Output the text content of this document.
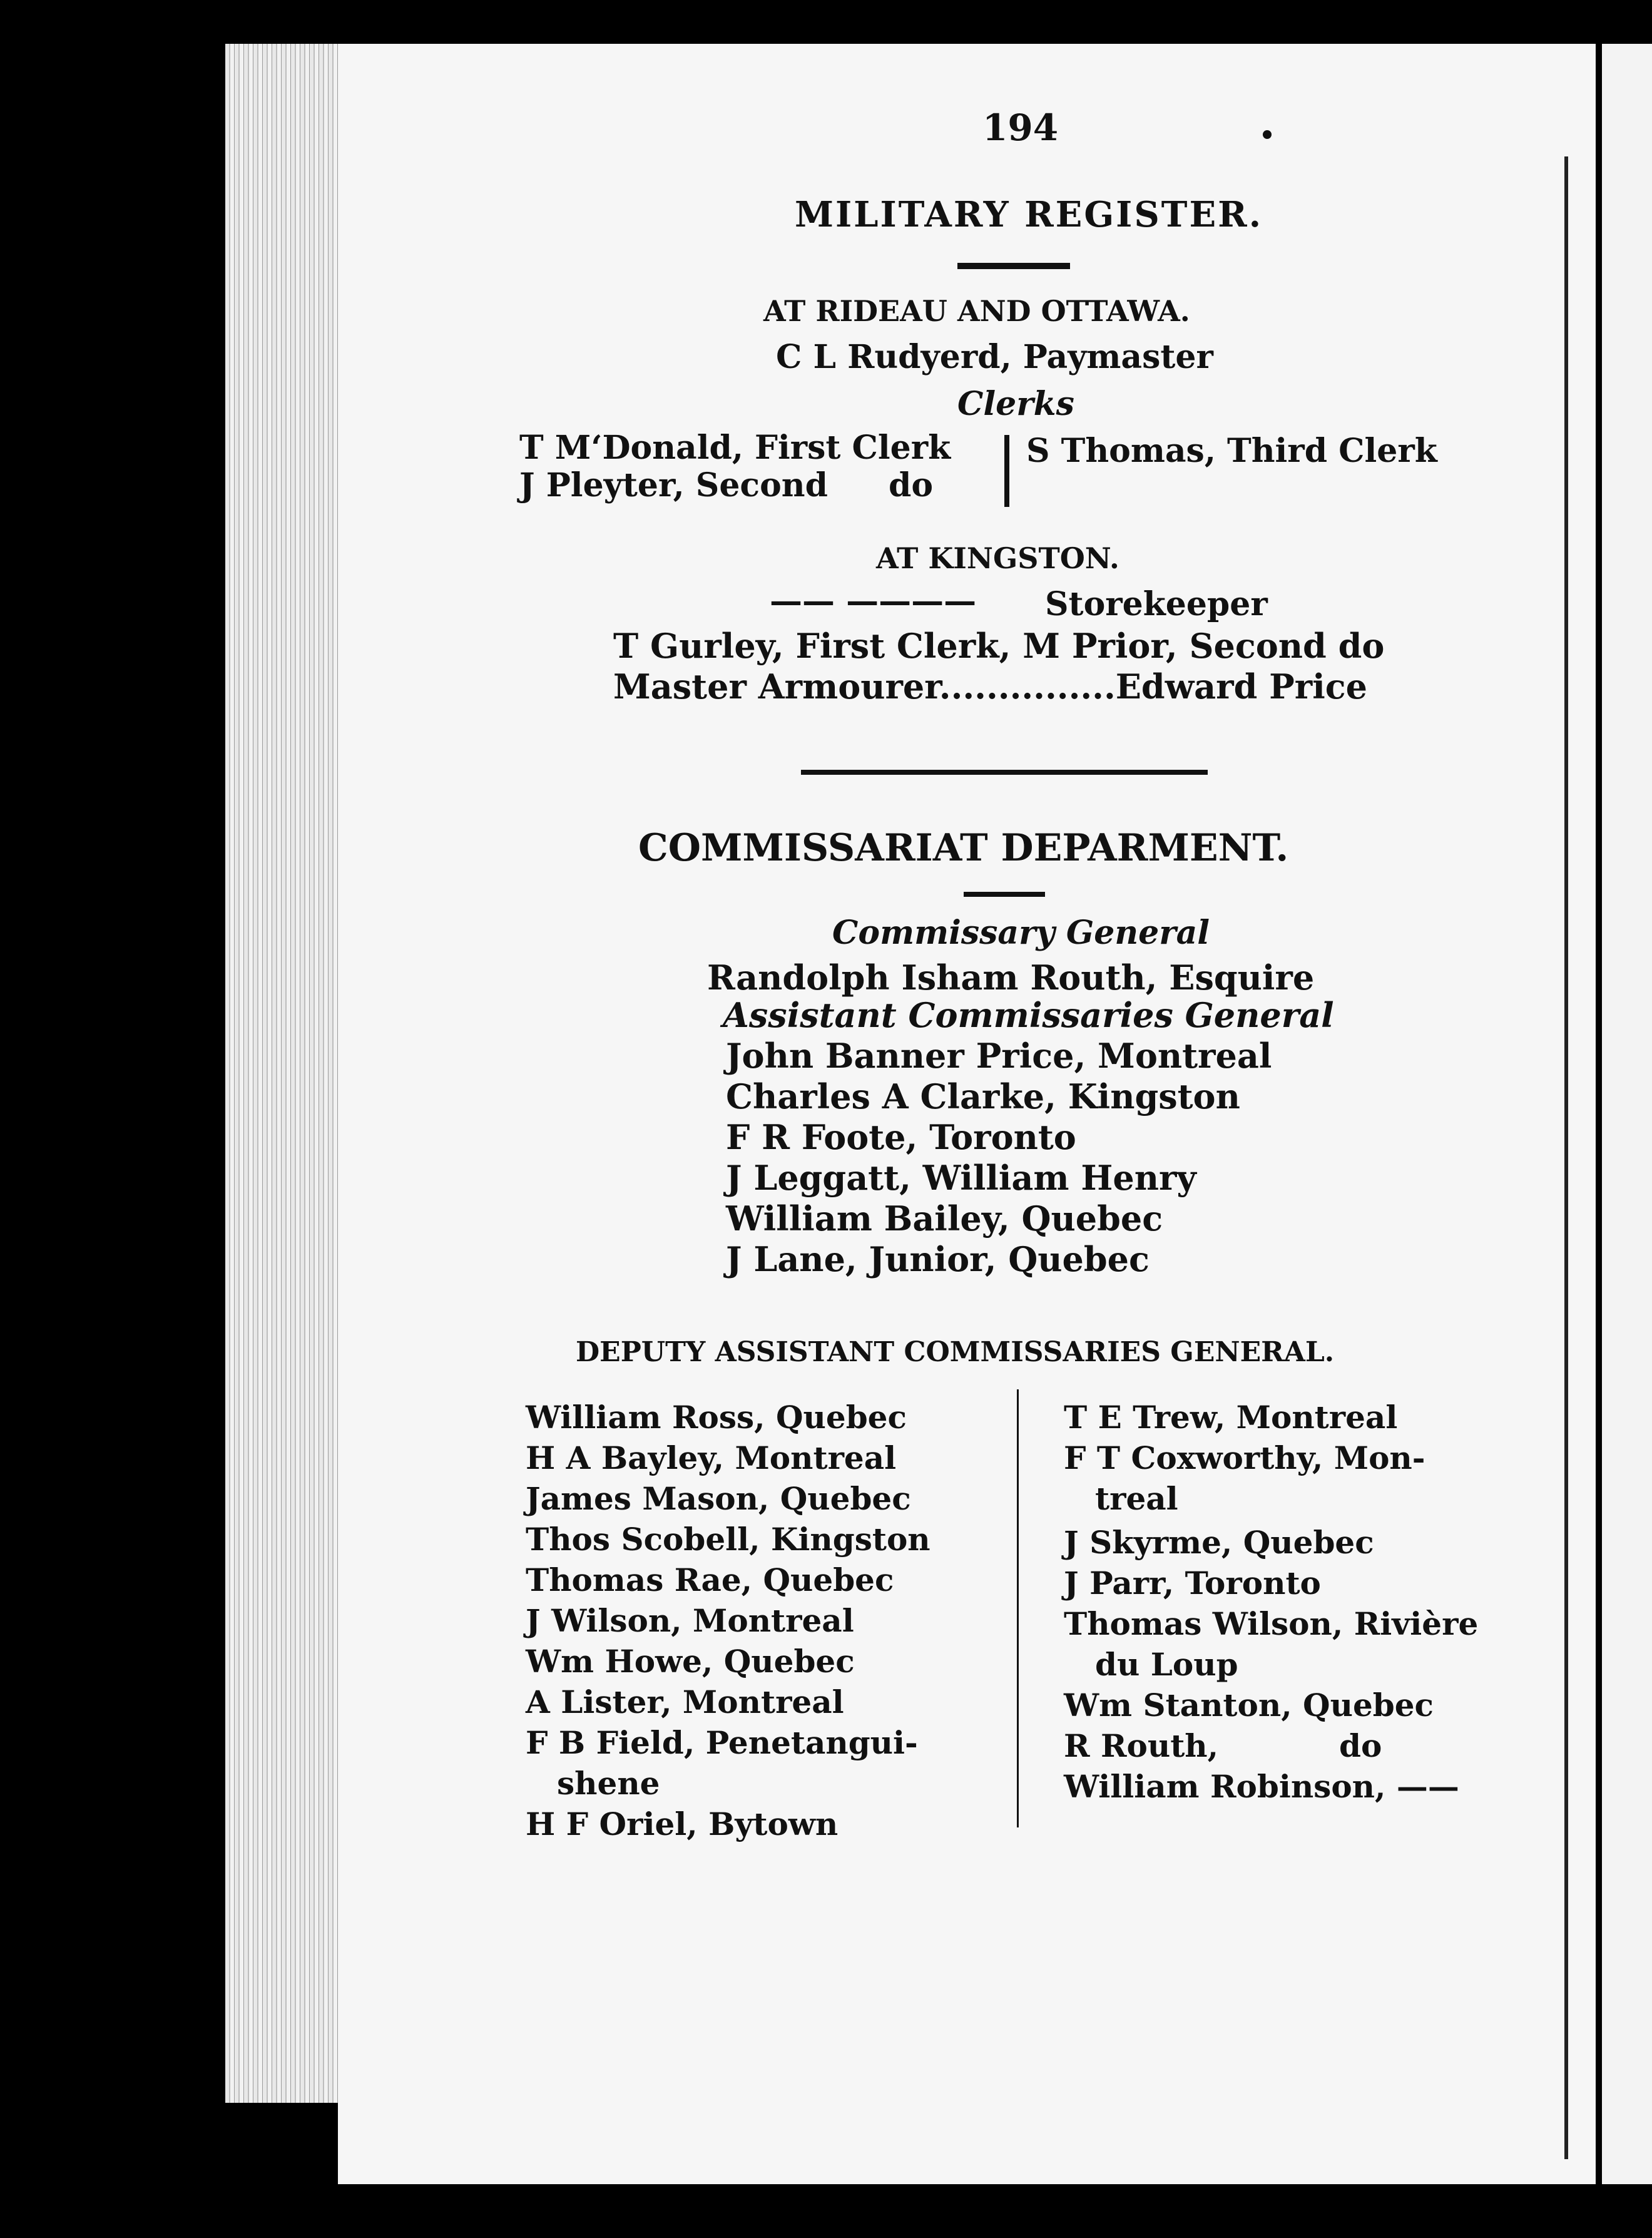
194
MILITARY REGISTER.
AT RIDEAU AND OTTAWA.
C L Rudyerd, Paymaster
Clerks
T M‘Donald, First Clerk
J Pleyter, Second do
S Thomas, Third Clerk
AT KINGSTON.
—— ———— Storekeeper
T Gurley, First Clerk, M Prior, Second do
Master Armourer...............Edward Price
COMMISSARIAT DEPARMENT.
Commissary General
Randolph Isham Routh, Esquire
Assistant Commissaries General
John Banner Price, Montreal
Charles A Clarke, Kingston
F R Foote, Toronto
J Leggatt, William Henry
William Bailey, Quebec
J Lane, Junior, Quebec
DEPUTY ASSISTANT COMMISSARIES GENERAL.
William Ross, Quebec
H A Bayley, Montreal
James Mason, Quebec
Thos Scobell, Kingston
Thomas Rae, Quebec
J Wilson, Montreal
Wm Howe, Quebec
A Lister, Montreal
F B Field, Penetangui-
shene
H F Oriel, Bytown
T E Trew, Montreal
F T Coxworthy, Mon-
treal
J Skyrme, Quebec
J Parr, Toronto
Thomas Wilson, Rivière
du Loup
Wm Stanton, Quebec
R Routh,	do
William Robinson, ——
